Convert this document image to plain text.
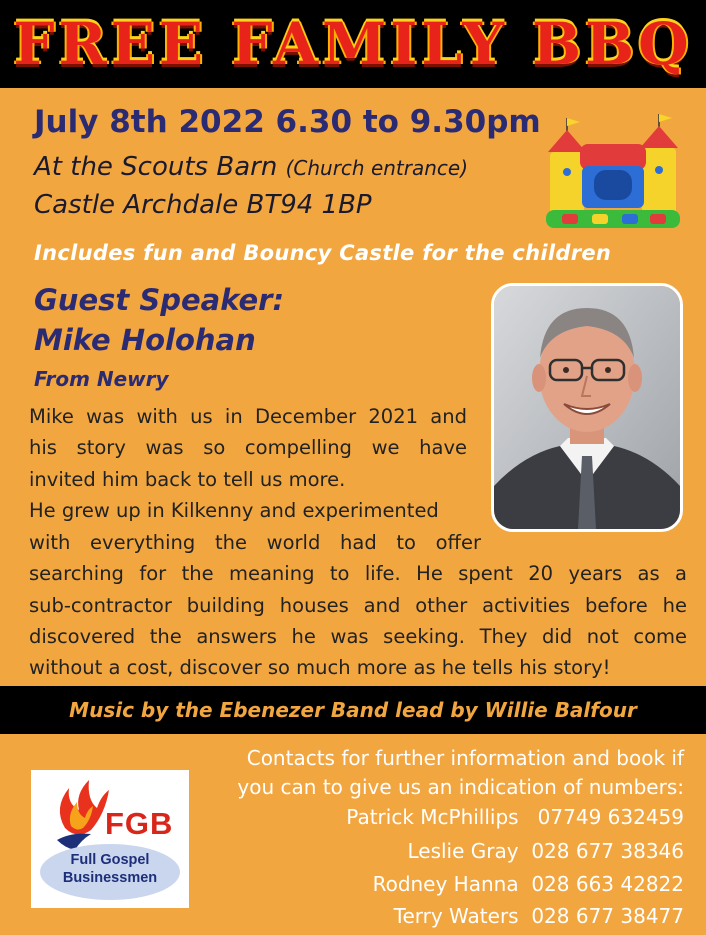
FREE FAMILY BBQ
July 8th 2022 6.30 to 9.30pm
At the Scouts Barn (Church entrance)
Castle Archdale BT94 1BP
Includes fun and Bouncy Castle for the children
Guest Speaker:
Mike Holohan
From Newry
Mike was with us in December 2021 and
his story was so compelling we have
invited him back to tell us more.
He grew up in Kilkenny and experimented
with everything the world had to offer
searching for the meaning to life. He spent 20 years as a
sub-contractor building houses and other activities before he
discovered the answers he was seeking. They did not come
without a cost, discover so much more as he tells his story!
Music by the Ebenezer Band lead by Willie Balfour
FGB
Full Gospel
Businessmen
Contacts for further information and book if
you can to give us an indication of numbers:
Patrick McPhillips 07749 632459
Leslie Gray 028 677 38346
Rodney Hanna 028 663 42822
Terry Waters 028 677 38477
